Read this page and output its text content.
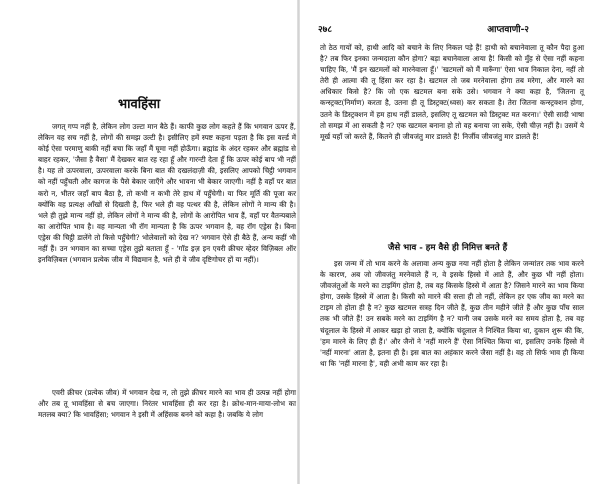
भावहिंसा
जगत् गप्प नहीं है, लेकिन लोग उल्टा मान बैठे हैं। काफी कुछ लोग कहते हैं कि भगवान ऊपर हैं, लेकिन वह सच नहीं है, लोगों की समझ उल्टी है। इसीलिए हमें स्पष्ट कहना पड़ता है कि इस वर्ल्ड में कोई ऐसा परमाणु बाकी नहीं बचा कि जहाँ मैं घूमा नहीं होऊँगा। ब्रह्मांड के अंदर रहकर और ब्रह्मांड से बाहर रहकर, 'जैसा है वैसा' मैं देखकर बात रह रहा हूँ और गारन्टी देता हूँ कि ऊपर कोई बाप भी नहीं है। यह तो ऊपरवाला, ऊपरवाला करके बिना बात की दखलंदाज़ी की, इसलिए आपको चिट्ठी भगवान को नहीं पहुँचती और कागज के पैसे बेकार जाएँगे और भावना भी बेकार जाएगी। नहीं है वहाँ पर बात करो न, भीतर जहाँ बाप बैठा है, तो कभी न कभी तेरे हाथ में पहुँचेगी। या फिर मूर्ति की पूजा कर क्योंकि वह प्रत्यक्ष आँखों से दिखती है, फिर भले ही वह पत्थर की है, लेकिन लोगों ने मान्य की है। भले ही तुझे मान्य नहीं हो, लेकिन लोगों ने मान्य की है, लोगों के आरोपित भाव हैं, वहाँ पर वैतन्यबाले का आरोपित भाव है। वह मान्यता भी रॉग मान्यता है कि ऊपर भगवान है, वह रॉग एड्रेस है। बिना एड्रेस की चिट्ठी डालेंगे तो किसे पहुँचेगी? भोलेवालों को देख न? भगवान ऐसे ही बैठे हैं, अन्य कहीं भी नहीं हैं। उन भगवान का सच्चा एड्रेस तुझे बताता हूँ - 'गॉड इज़ इन एवरी क्रीचर व्हेदर विज़िबल ऑर इनविज़िबल (भगवान प्रत्येक जीव में विद्यमान है, भले ही वे जीव दृष्टिगोचर हों या नहीं)।
एवरी क्रीचर (प्रत्येक जीव) में भगवान देख न, तो तुझे क्रीचर मारने का भाव ही उत्पन्न नहीं होगा और तब तू भावहिंसा से बच जाएगा। निरंतर भावहिंसा ही कर रहा है। क्रोध-मान-माया-लोभ का मतलब क्या? कि भावहिंसा; भगवान ने इसी में अहिंसक बनने को कहा है। जबकि ये लोग
२७८	आप्तवाणी-२
तो ठेठ गायों को, हाथी आदि को बचाने के लिए निकल पड़े हैं! हाथी को बचानेवाला तू कौन पैदा हुआ है? तब फिर इनका जन्मदाता कौन होगा? बड़ा बचानेवाला आया है! किसी को मुँह से ऐसा नहीं कहना चाहिए कि, 'मैं इन खटमलों को मारनेवाला हूँ।' 'खटमलों को मैं मारूँगा' ऐसा भाव निकाल देना, नहीं तो तेरी ही आत्मा की तू हिंसा कर रहा है। खटमल तो जब मरनेवाला होगा तब मरेगा, और मारने का अधिकार किसे है? कि जो एक खटमल बना सके उसे। भगवान ने क्या कहा है, 'जितना तू कन्स्ट्रक्ट(निर्माण) करता है, उतना ही तू डिस्ट्रक्ट(ध्वस) कर सकता है। तेरा जितना कन्स्ट्रक्शन होगा, उतने के डिस्ट्रक्शन में हम हाथ नहीं डालते, इसलिए तू खटमल को डिस्ट्रक्ट मत करना।' ऐसी सादी भाषा तो समझ में आ सकती है न? एक खटमल बनाना हो तो वह बनाया जा सके, ऐसी चीज़ नहीं है। उसमें ये मूर्ख यहाँ जो करते हैं, कितने ही जीवजंतु मार डालते हैं! निर्जीव जीवजंतु मार डालते हैं!
जैसे भाव - हम वैसे ही निमित्त बनते हैं
इस जन्म में तो भाव करने के अलावा अन्य कुछ नया नहीं होता है लेकिन जन्मांतर तक भाव करने के कारण, अब जो जीवजंतु मरनेवाले हैं न, वे इसके हिस्से में आते हैं, और कुछ भी नहीं होता। जीवजंतुओं के मरने का टाइमिंग होता है, तब वह किसके हिस्से में आता है? जिसने मारने का भाव किया होगा, उसके हिस्से में आता है। किसी को मारने की सत्ता ही तो नहीं, लेकिन हर एक जीव का मरने का टाइम तो होता ही है न? कुछ खटमल सत्रह दिन जीते हैं, कुछ तीन महीने जीते हैं और कुछ पाँच साल तक भी जीते हैं! उन सबके मरने का टाइमिंग है न? यानी जब उसके मरने का समय होता है, तब वह चंदूलाल के हिस्से में आकर खड़ा हो जाता है, क्योंकि चंदूलाल ने निश्चित किया था, दुकान शुरू की कि, 'हम मारने के लिए ही हैं।' और जैनों ने 'नहीं मारने हैं' ऐसा निश्चित किया था, इसलिए उनके हिस्से में 'नहीं मारना' आता है, इतना ही है। इस बात का अहंकार करने जैसा नहीं है। वह तो सिर्फ भाव ही किया था कि 'नहीं मारना है', वही अभी काम कर रहा है।
